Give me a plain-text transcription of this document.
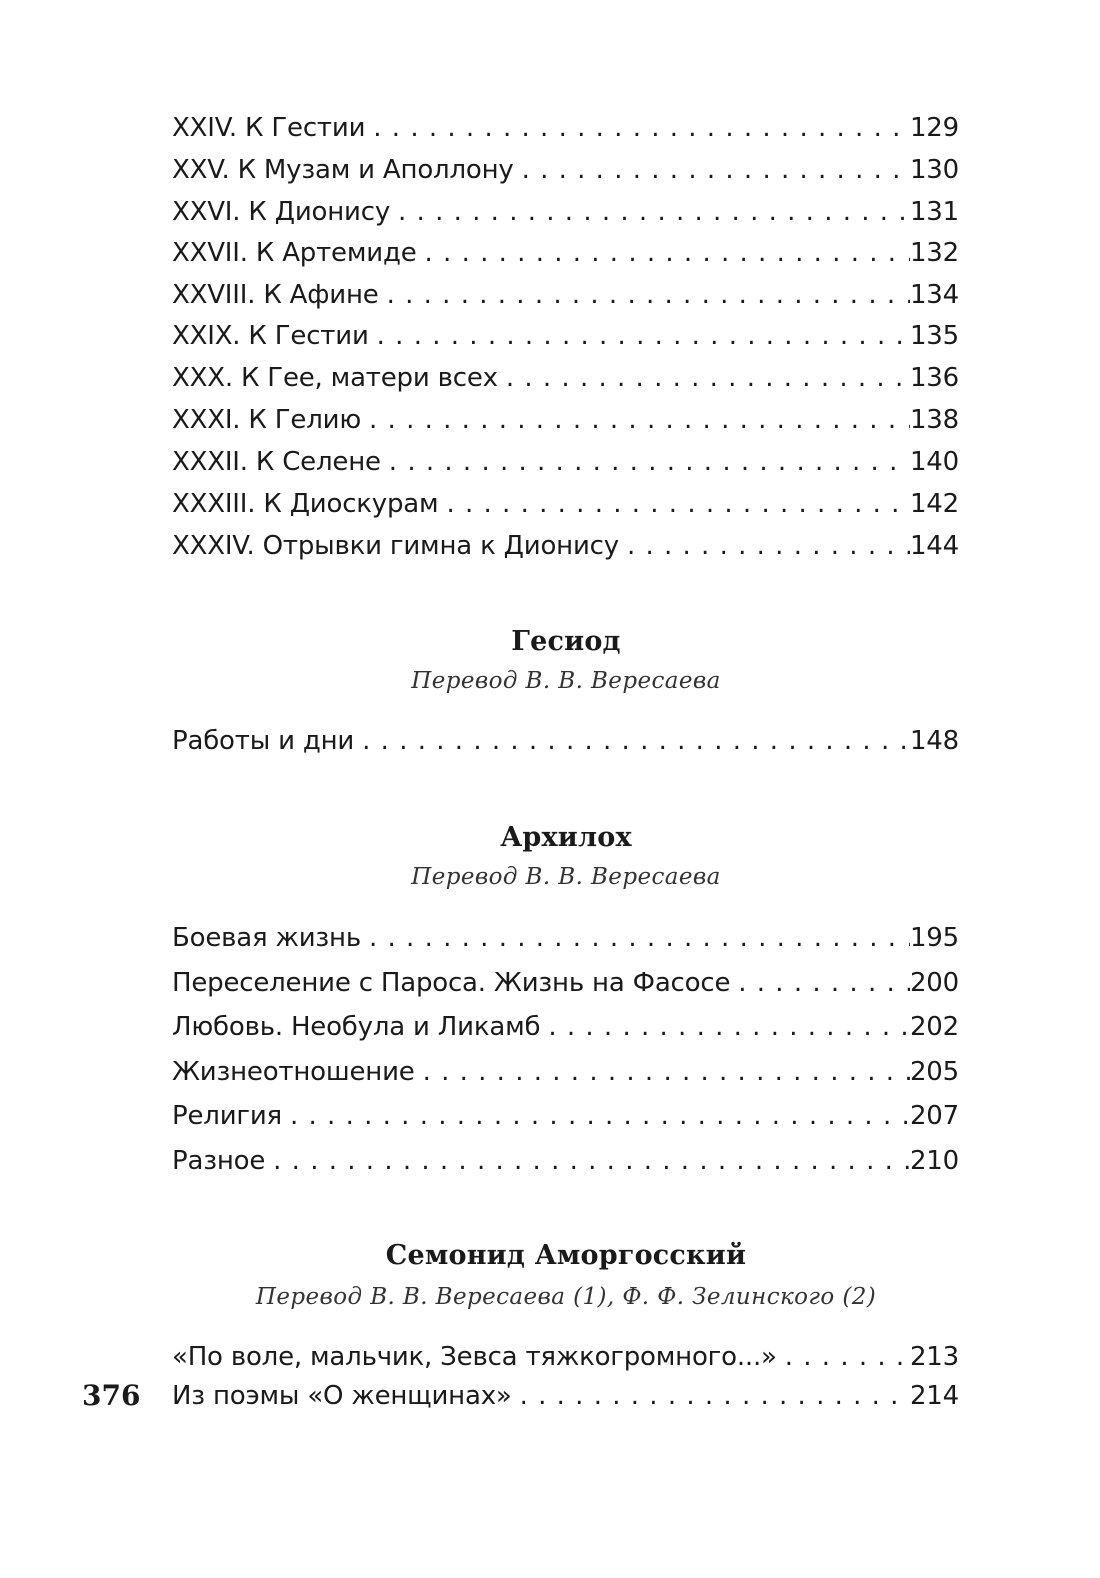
XXIV. К Гестии . . .	129
XXV. К Музам и Аполлону . . .	130
XXVI. К Дионису . . .	131
XXVII. К Артемиде . . .	132
XXVIII. К Афине . . .	134
XXIX. К Гестии . . .	135
XXX. К Гее, матери всех . . .	136
XXXI. К Гелию . . .	138
XXXII. К Селене . . .	140
XXXIII. К Диоскурам . . .	142
XXXIV. Отрывки гимна к Дионису . . .	144
Гесиод
Перевод В. В. Вересаева
Работы и дни . . .	148
Архилох
Перевод В. В. Вересаева
Боевая жизнь . . .	195
Переселение с Пароса. Жизнь на Фасосе . . .	200
Любовь. Необула и Ликамб . . .	202
Жизнеотношение . . .	205
Религия . . .	207
Разное . . .	210
Семонид Аморгосский
Перевод В. В. Вересаева (1), Ф. Ф. Зелинского (2)
«По воле, мальчик, Зевса тяжкогромного...» . . .	213
Из поэмы «О женщинах» . . .	214
376
